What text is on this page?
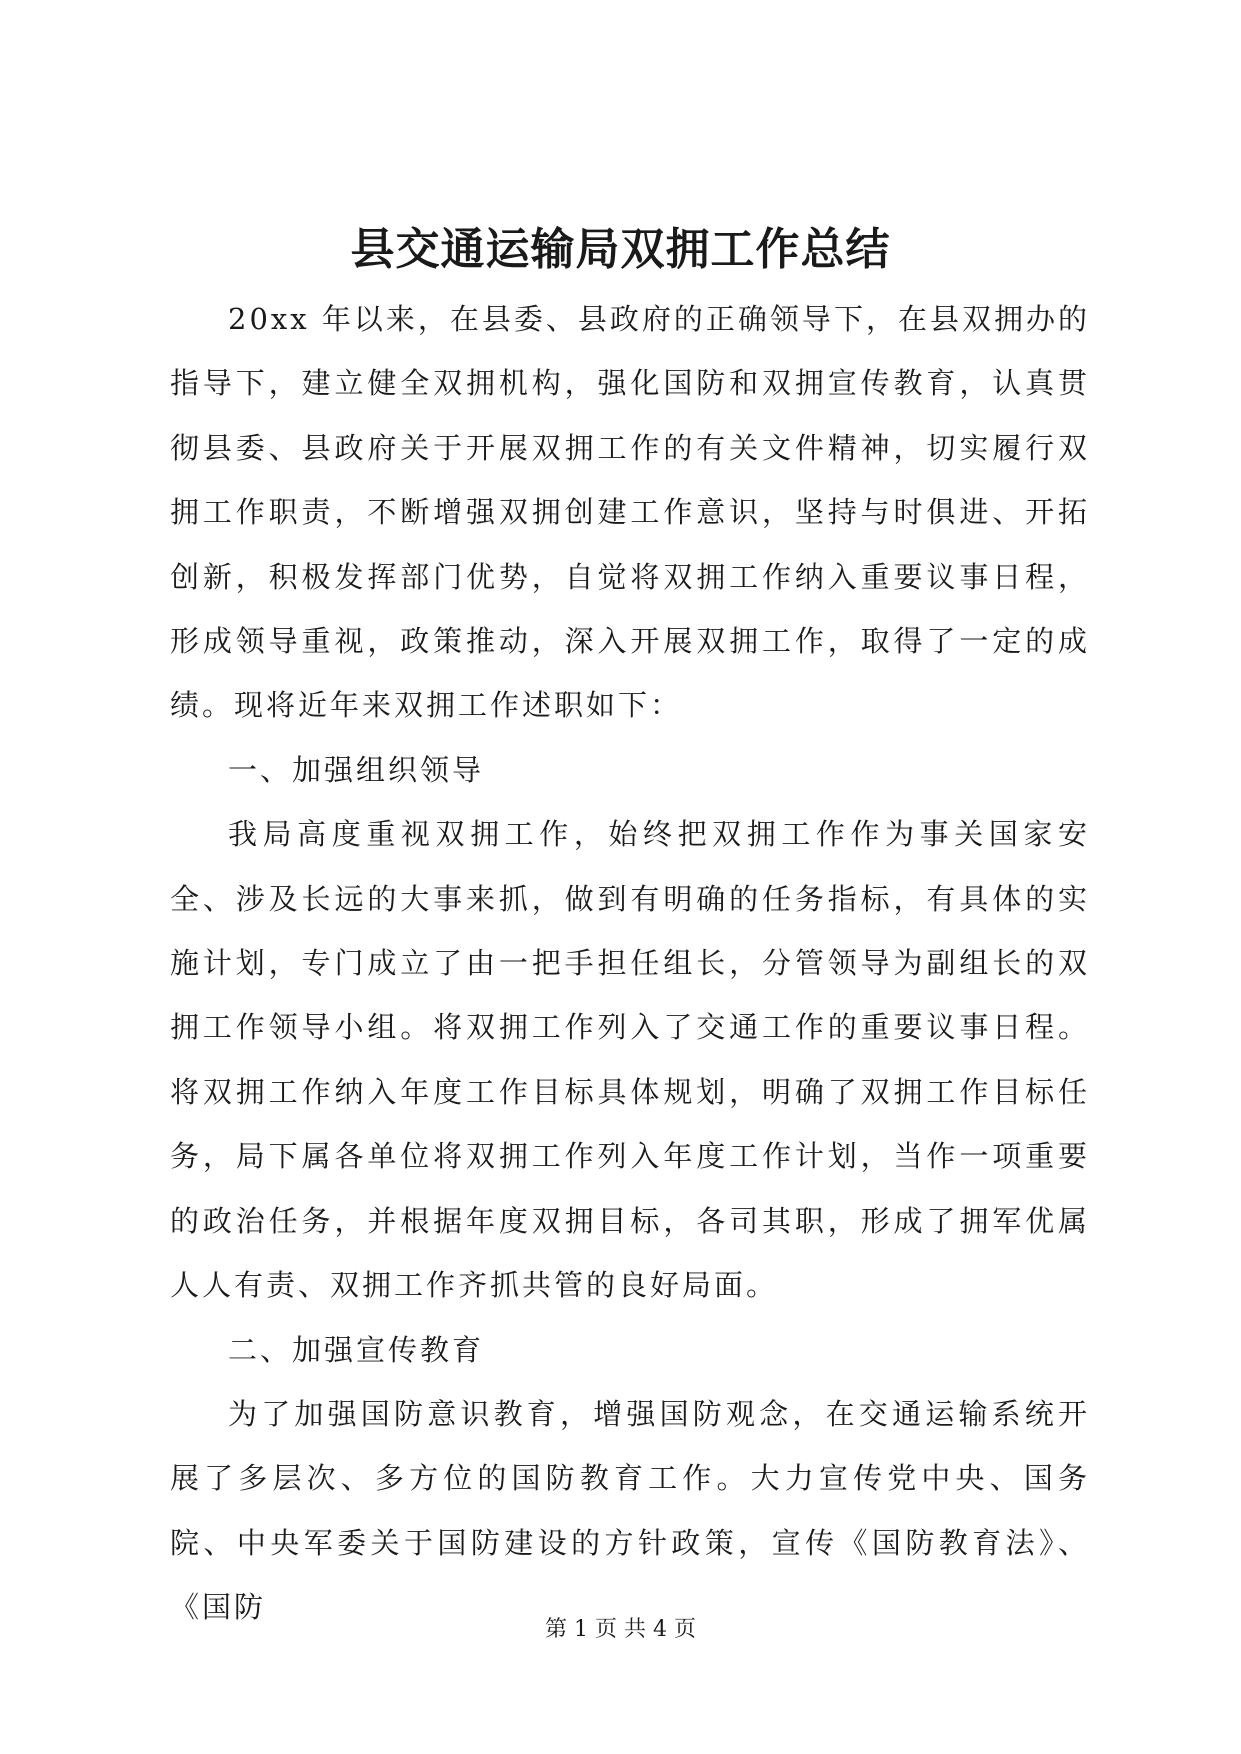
县交通运输局双拥工作总结

20xx 年以来，在县委、县政府的正确领导下，在县双拥办的指导下，建立健全双拥机构，强化国防和双拥宣传教育，认真贯彻县委、县政府关于开展双拥工作的有关文件精神，切实履行双拥工作职责，不断增强双拥创建工作意识，坚持与时俱进、开拓创新，积极发挥部门优势，自觉将双拥工作纳入重要议事日程，形成领导重视，政策推动，深入开展双拥工作，取得了一定的成绩。现将近年来双拥工作述职如下：

一、加强组织领导

我局高度重视双拥工作，始终把双拥工作作为事关国家安全、涉及长远的大事来抓，做到有明确的任务指标，有具体的实施计划，专门成立了由一把手担任组长，分管领导为副组长的双拥工作领导小组。将双拥工作列入了交通工作的重要议事日程。将双拥工作纳入年度工作目标具体规划，明确了双拥工作目标任务，局下属各单位将双拥工作列入年度工作计划，当作一项重要的政治任务，并根据年度双拥目标，各司其职，形成了拥军优属人人有责、双拥工作齐抓共管的良好局面。

二、加强宣传教育

为了加强国防意识教育，增强国防观念，在交通运输系统开展了多层次、多方位的国防教育工作。大力宣传党中央、国务院、中央军委关于国防建设的方针政策，宣传《国防教育法》、《国防

第 1 页 共 4 页
